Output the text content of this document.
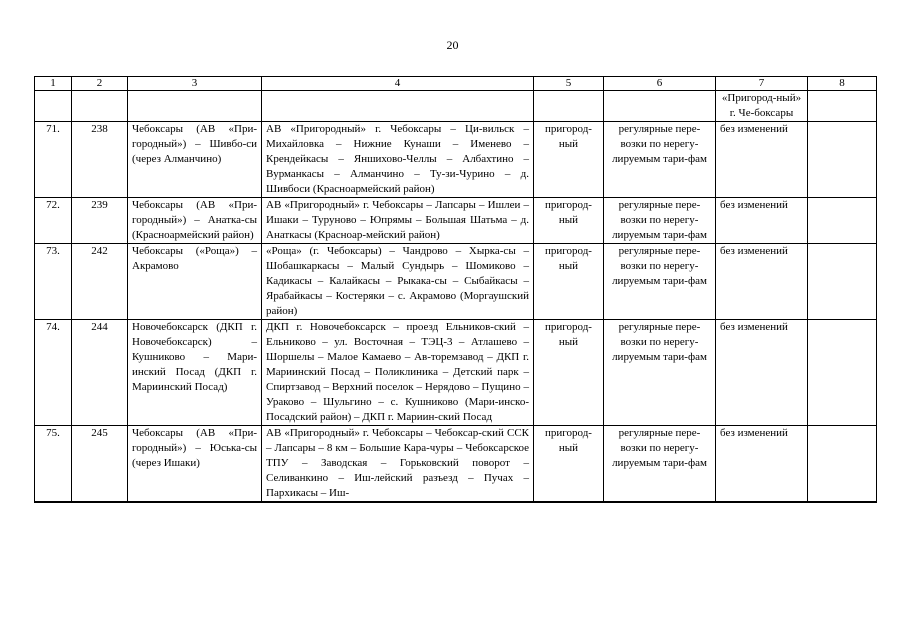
20
1	2	3	4	5	6	7	8
						«Пригород-ный» г. Че-боксары	
71.	238	Чебоксары (АВ «При-городный») – Шивбо-си (через Алманчино)	АВ «Пригородный» г. Чебоксары – Ци-вильск – Михайловка – Нижние Кунаши – Именево – Крендейкасы – Яншихово-Челлы – Албахтино – Вурманкасы – Алманчино – Ту-зи-Чурино – д. Шивбоси (Красноармейский район)	пригород-ный	регулярные пере-возки по нерегу-лируемым тари-фам	без изменений	
72.	239	Чебоксары (АВ «При-городный») – Анатка-сы (Красноармейский район)	АВ «Пригородный» г. Чебоксары – Лапсары – Ишлеи – Ишаки – Туруново – Юпрямы – Большая Шатьма – д. Анаткасы (Красноар-мейский район)	пригород-ный	регулярные пере-возки по нерегу-лируемым тари-фам	без изменений	
73.	242	Чебоксары («Роща») – Акрамово	«Роща» (г. Чебоксары) – Чандрово – Хырка-сы – Шобашкаркасы – Малый Сундырь – Шомиково – Кадикасы – Калайкасы – Рыкака-сы – Сыбайкасы – Ярабайкасы – Костеряки – с. Акрамово (Моргаушский район)	пригород-ный	регулярные пере-возки по нерегу-лируемым тари-фам	без изменений	
74.	244	Новочебоксарск (ДКП г. Новочебоксарск) – Кушниково – Мари-инский Посад (ДКП г. Мариинский Посад)	ДКП г. Новочебоксарск – проезд Ельников-ский – Ельниково – ул. Восточная – ТЭЦ-3 – Атлашево – Шоршелы – Малое Камаево – Ав-торемзавод – ДКП г. Мариинский Посад – Поликлиника – Детский парк – Спиртзавод – Верхний поселок – Нерядово – Пущино – Ураково – Шульгино – с. Кушниково (Мари-инско-Посадский район) – ДКП г. Мариин-ский Посад	пригород-ный	регулярные пере-возки по нерегу-лируемым тари-фам	без изменений	
75.	245	Чебоксары (АВ «При-городный») – Юська-сы (через Ишаки)	АВ «Пригородный» г. Чебоксары – Чебоксар-ский ССК – Лапсары – 8 км – Большие Кара-чуры – Чебоксарское ТПУ – Заводская – Горьковский поворот – Селиванкино – Иш-лейский разъезд – Пучах – Пархикасы – Иш-	пригород-ный	регулярные пере-возки по нерегу-лируемым тари-фам	без изменений	
